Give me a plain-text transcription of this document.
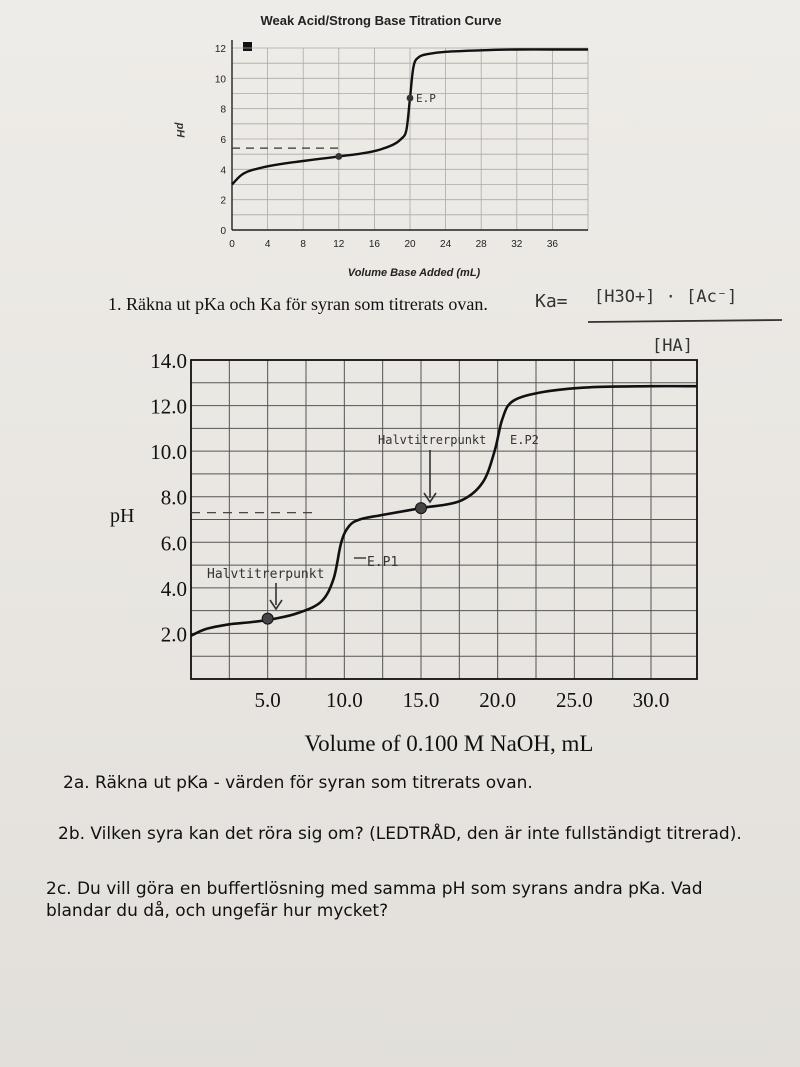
Weak Acid/Strong Base Titration Curve
0	4	8	12 16 20 24 28 32 36
0
2
4
6
8
10
12
E.P
pH
Volume Base Added (mL)
1. Räkna ut pKa och Ka för syran som titrerats ovan.	Ka= [H3O+] · [Ac⁻]
[HA]
5.0 10.0 15.0 20.0 25.0 30.0
2.0
4.0
6.0
8.0
10.0
12.0
14.0
pH
Volume of 0.100 M NaOH, mL
Halvtitrerpunkt
E.P1
Halvtitrerpunkt E.P2
2a. Räkna ut pKa - värden för syran som titrerats ovan.
2b. Vilken syra kan det röra sig om? (LEDTRÅD, den är inte fullständigt titrerad).
2c. Du vill göra en buffertlösning med samma pH som syrans andra pKa. Vad blandar du då, och ungefär hur mycket?
